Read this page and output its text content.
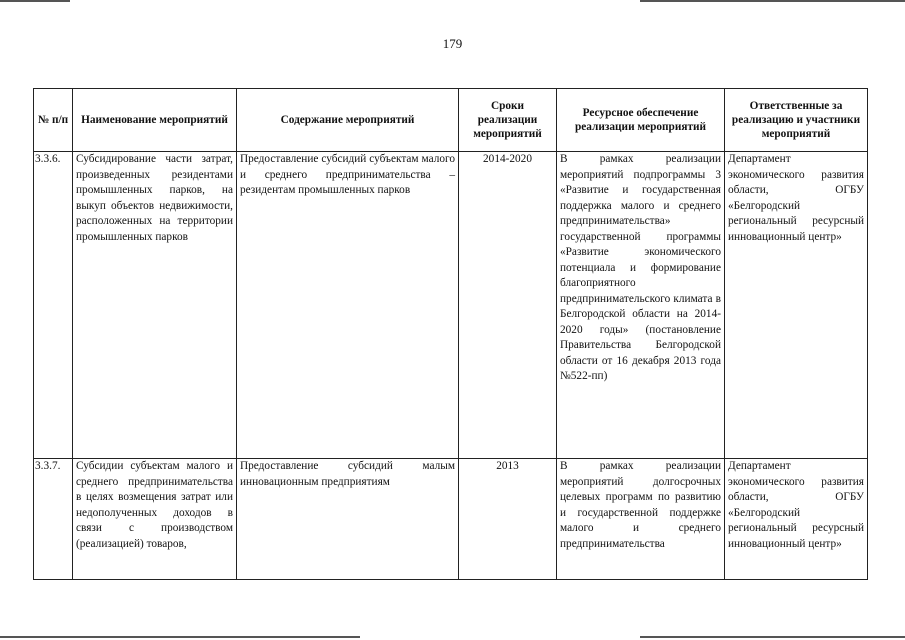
179
№ п/п	Наименование мероприятий	Содержание мероприятий	Сроки реализации мероприятий	Ресурсное обеспечение реализации мероприятий	Ответственные за реализацию и участники мероприятий
3.3.6.	Субсидирование части затрат, произведенных резидентами промышленных парков, на выкуп объектов недвижимости, расположенных на территории промышленных парков	Предоставление субсидий субъектам малого и среднего предпринимательства – резидентам промышленных парков	2014-2020	В рамках реализации мероприятий подпрограммы 3 «Развитие и государственная поддержка малого и среднего предпринимательства» государственной программы «Развитие экономического потенциала и формирование благоприятного предпринимательского климата в Белгородской области на 2014-2020 годы» (постановление Правительства Белгородской области от 16 декабря 2013 года №522-пп)	Департамент экономического развития области, ОГБУ «Белгородский региональный ресурсный инновационный центр»
3.3.7.	Субсидии субъектам малого и среднего предпринимательства в целях возмещения затрат или недополученных доходов в связи с производством (реализацией) товаров,	Предоставление субсидий малым инновационным предприятиям	2013	В рамках реализации мероприятий долгосрочных целевых программ по развитию и государственной поддержке малого и среднего предпринимательства	Департамент экономического развития области, ОГБУ «Белгородский региональный ресурсный инновационный центр»
